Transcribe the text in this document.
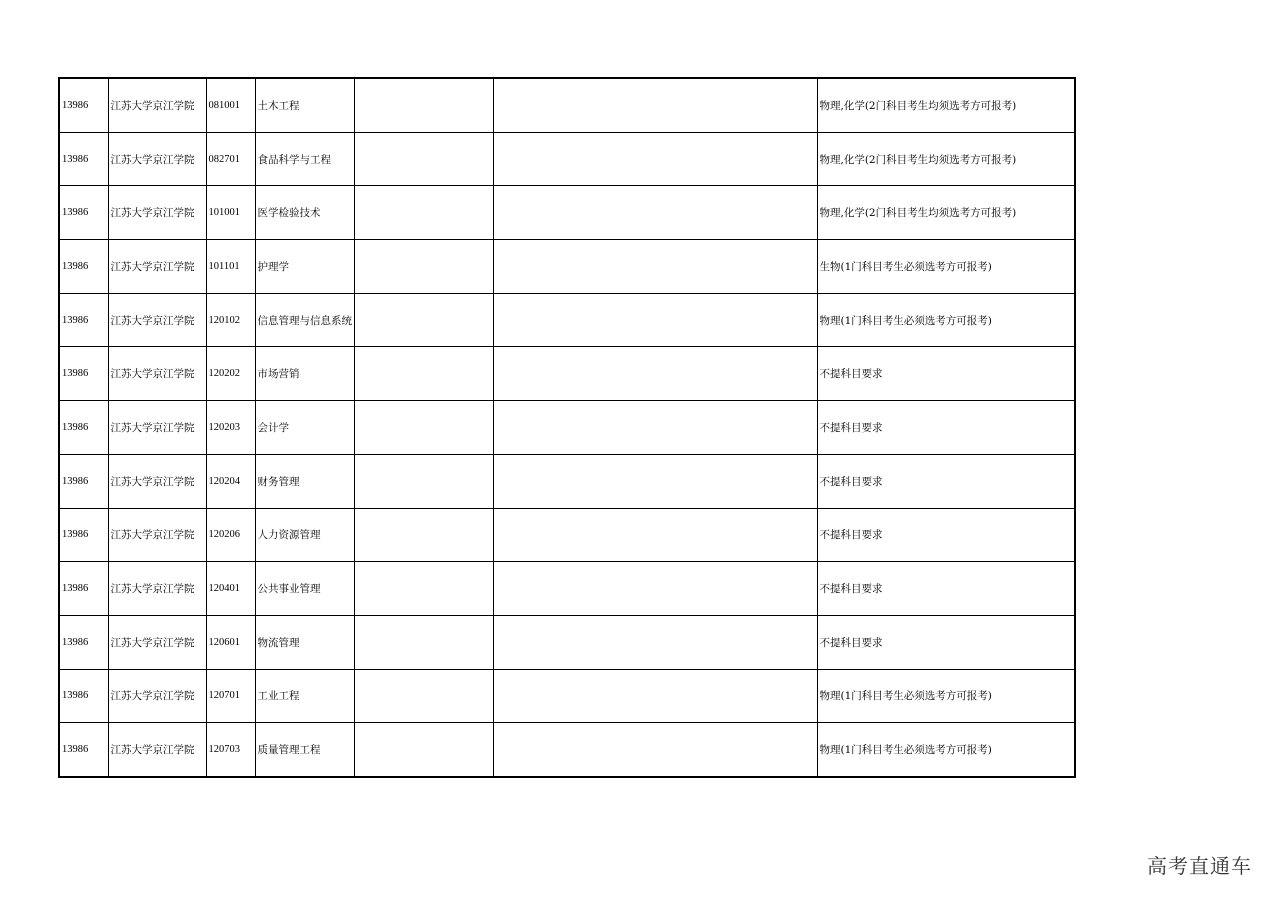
13986	江苏大学京江学院	081001	土木工程			物理,化学(2门科目考生均须选考方可报考)
13986	江苏大学京江学院	082701	食品科学与工程			物理,化学(2门科目考生均须选考方可报考)
13986	江苏大学京江学院	101001	医学检验技术			物理,化学(2门科目考生均须选考方可报考)
13986	江苏大学京江学院	101101	护理学			生物(1门科目考生必须选考方可报考)
13986	江苏大学京江学院	120102	信息管理与信息系统			物理(1门科目考生必须选考方可报考)
13986	江苏大学京江学院	120202	市场营销			不提科目要求
13986	江苏大学京江学院	120203	会计学			不提科目要求
13986	江苏大学京江学院	120204	财务管理			不提科目要求
13986	江苏大学京江学院	120206	人力资源管理			不提科目要求
13986	江苏大学京江学院	120401	公共事业管理			不提科目要求
13986	江苏大学京江学院	120601	物流管理			不提科目要求
13986	江苏大学京江学院	120701	工业工程			物理(1门科目考生必须选考方可报考)
13986	江苏大学京江学院	120703	质量管理工程			物理(1门科目考生必须选考方可报考)
高考直通车
